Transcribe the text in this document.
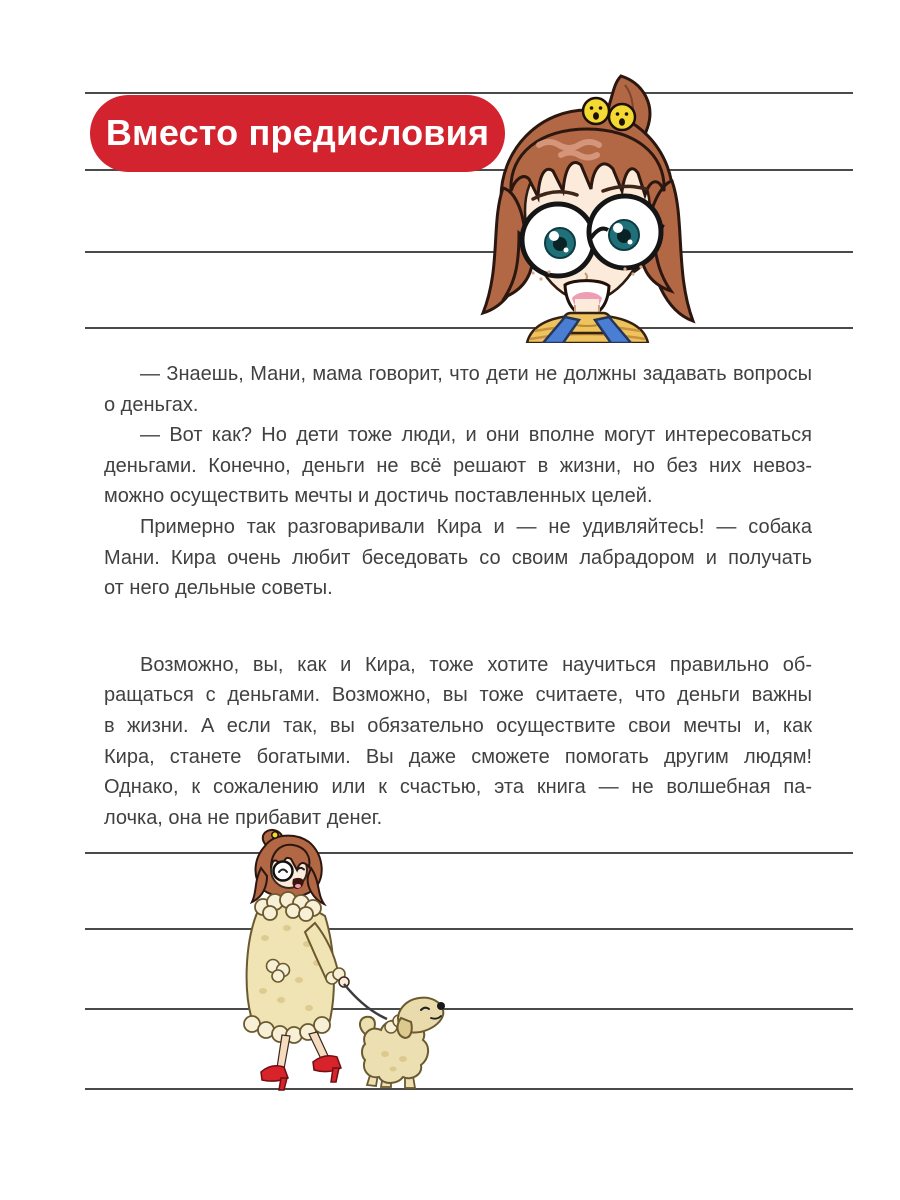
Вместо предисловия
— Знаешь, Мани, мама говорит, что дети не должны задавать вопросы
о деньгах.
— Вот как? Но дети тоже люди, и они вполне могут интересоваться
деньгами. Конечно, деньги не всё решают в жизни, но без них невоз-
можно осуществить мечты и достичь поставленных целей.
Примерно так разговаривали Кира и — не удивляйтесь! — собака
Мани. Кира очень любит беседовать со своим лабрадором и получать
от него дельные советы.
Возможно, вы, как и Кира, тоже хотите научиться правильно об-
ращаться с деньгами. Возможно, вы тоже считаете, что деньги важны
в жизни. А если так, вы обязательно осуществите свои мечты и, как
Кира, станете богатыми. Вы даже сможете помогать другим людям!
Однако, к сожалению или к счастью, эта книга — не волшебная па-
лочка, она не прибавит денег.
